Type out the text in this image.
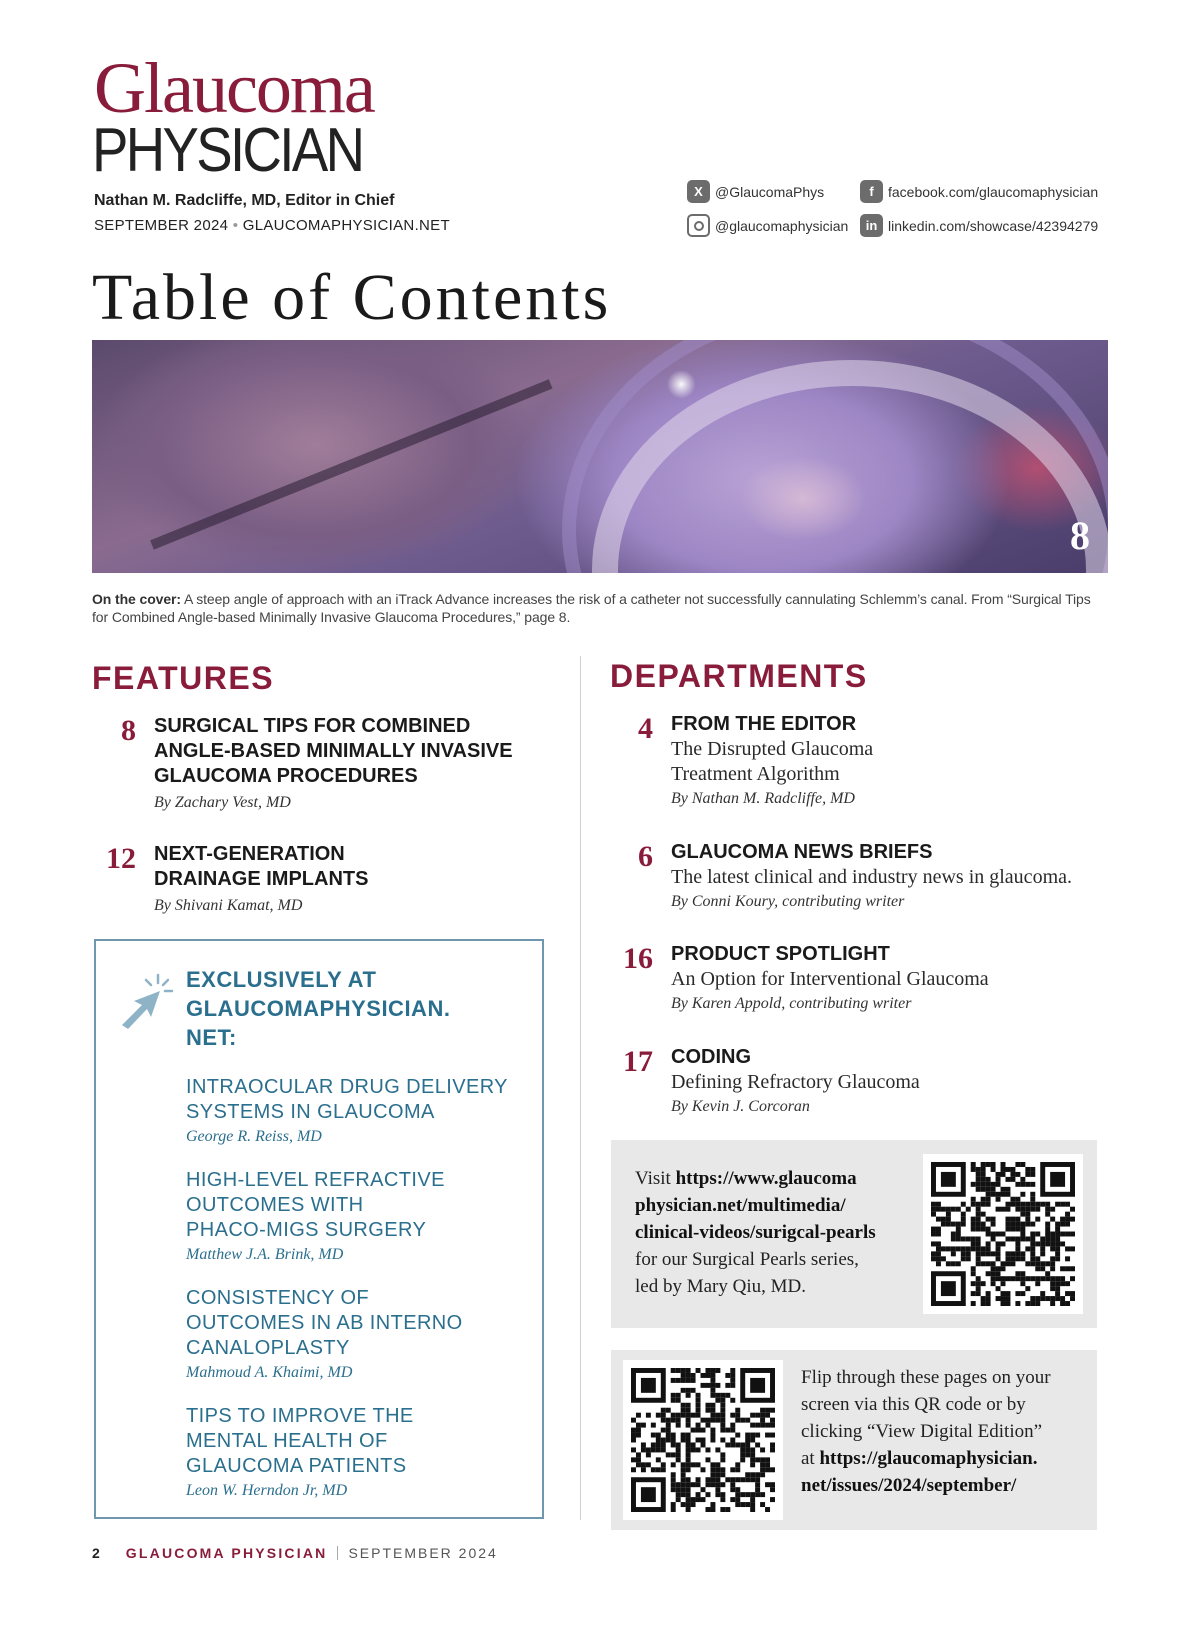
Glaucoma
PHYSICIAN
Nathan M. Radcliffe, MD, Editor in Chief
SEPTEMBER 2024 • GLAUCOMAPHYSICIAN.NET
X @GlaucomaPhys	f	facebook.com/glaucomaphysician
@glaucomaphysician	in linkedin.com/showcase/42394279
Table of Contents
8
On the cover: A steep angle of approach with an iTrack Advance increases the risk of a catheter not successfully cannulating Schlemm’s canal. From “Surgical Tips for Combined Angle-based Minimally Invasive Glaucoma Procedures,” page 8.
FEATURES
8 SURGICAL TIPS FOR COMBINED
ANGLE-BASED MINIMALLY INVASIVE
GLAUCOMA PROCEDURES
By Zachary Vest, MD
12 NEXT-GENERATION
DRAINAGE IMPLANTS
By Shivani Kamat, MD
EXCLUSIVELY AT
GLAUCOMAPHYSICIAN.
NET:
INTRAOCULAR DRUG DELIVERY
SYSTEMS IN GLAUCOMA
George R. Reiss, MD
HIGH-LEVEL REFRACTIVE
OUTCOMES WITH
PHACO-MIGS SURGERY
Matthew J.A. Brink, MD
CONSISTENCY OF
OUTCOMES IN AB INTERNO
CANALOPLASTY
Mahmoud A. Khaimi, MD
TIPS TO IMPROVE THE
MENTAL HEALTH OF
GLAUCOMA PATIENTS
Leon W. Herndon Jr, MD
DEPARTMENTS
4 FROM THE EDITOR
The Disrupted Glaucoma
Treatment Algorithm
By Nathan M. Radcliffe, MD
6 GLAUCOMA NEWS BRIEFS
The latest clinical and industry news in glaucoma.
By Conni Koury, contributing writer
16 PRODUCT SPOTLIGHT
An Option for Interventional Glaucoma
By Karen Appold, contributing writer
17 CODING
Defining Refractory Glaucoma
By Kevin J. Corcoran
Visit https://www.glaucoma
physician.net/multimedia/
clinical-videos/surigcal-pearls
for our Surgical Pearls series,
led by Mary Qiu, MD.
Flip through these pages on your
screen via this QR code or by
clicking “View Digital Edition”
at https://glaucomaphysician.
net/issues/2024/september/
2 GLAUCOMA PHYSICIAN SEPTEMBER 2024
